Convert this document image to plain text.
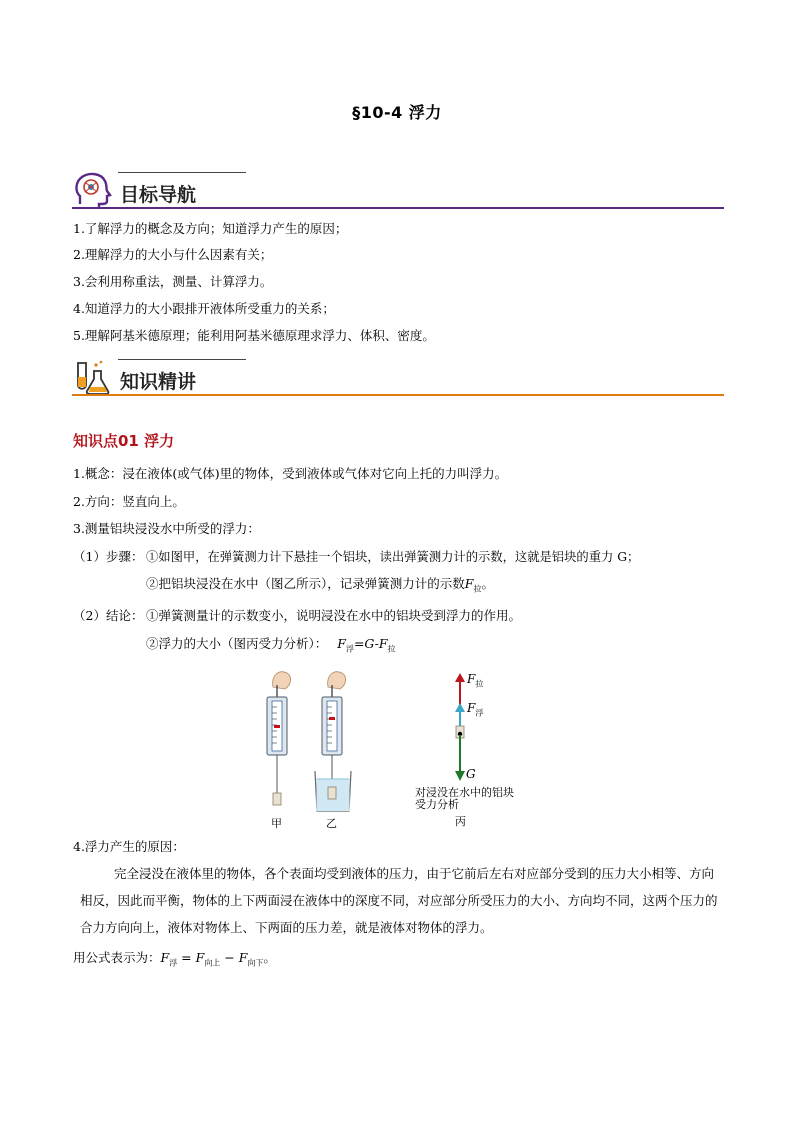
§10-4 浮力
目标导航
1.了解浮力的概念及方向；知道浮力产生的原因；
2.理解浮力的大小与什么因素有关；
3.会利用称重法，测量、计算浮力。
4.知道浮力的大小跟排开液体所受重力的关系；
5.理解阿基米德原理；能利用阿基米德原理求浮力、体积、密度。
知识精讲
知识点01 浮力
1.概念：浸在液体(或气体)里的物体，受到液体或气体对它向上托的力叫浮力。
2.方向：竖直向上。
3.测量铝块浸没水中所受的浮力：
（1）步骤： ①如图甲，在弹簧测力计下悬挂一个铝块，读出弹簧测力计的示数，这就是铝块的重力 G；
②把铝块浸没在水中（图乙所示），记录弹簧测力计的示数$F_拉$。
（2）结论： ①弹簧测量计的示数变小，说明浸没在水中的铝块受到浮力的作用。
②浮力的大小（图丙受力分析）： $F_浮=G-F_拉$
甲	乙	丙
$F_拉$
$F_浮$
G
对浸没在水中的铝块
受力分析
4.浮力产生的原因：
完全浸没在液体里的物体，各个表面均受到液体的压力，由于它前后左右对应部分受到的压力大小相等、方向相反，因此而平衡，物体的上下两面浸在液体中的深度不同，对应部分所受压力的大小、方向均不同，这两个压力的合力方向向上，液体对物体上、下两面的压力差，就是液体对物体的浮力。
用公式表示为：$F_浮 = F_{向上} - F_{向下}$。
